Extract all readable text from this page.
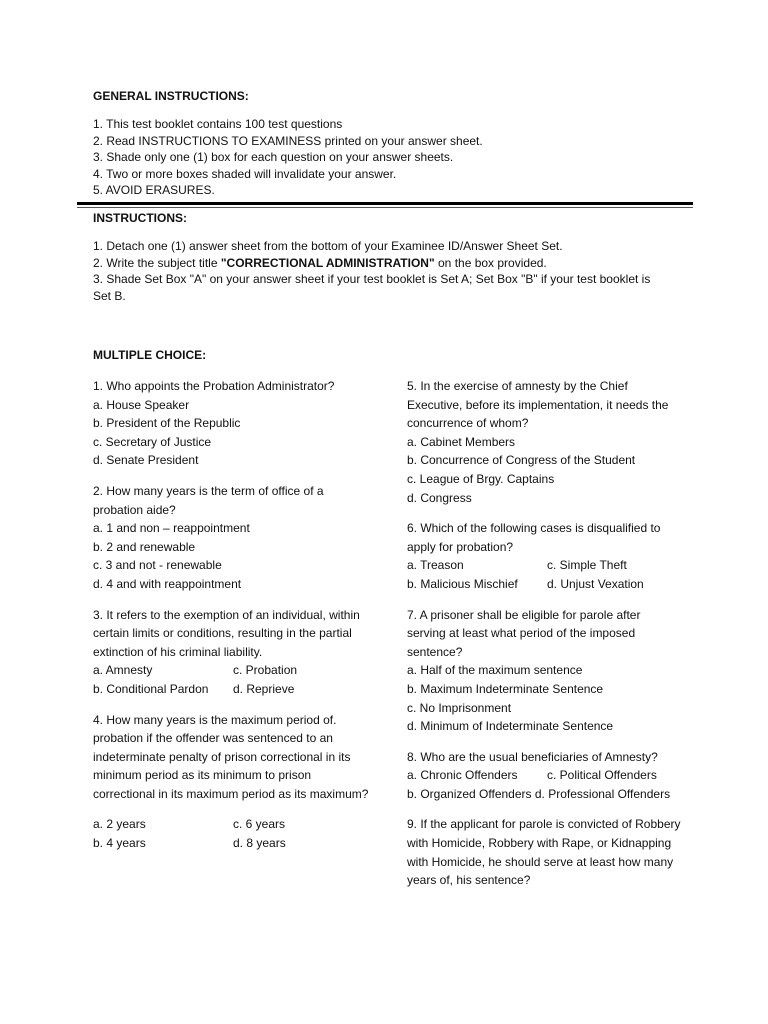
GENERAL INSTRUCTIONS:
1. This test booklet contains 100 test questions
2. Read INSTRUCTIONS TO EXAMINESS printed on your answer sheet.
3. Shade only one (1) box for each question on your answer sheets.
4. Two or more boxes shaded will invalidate your answer.
5. AVOID ERASURES.
INSTRUCTIONS:
1. Detach one (1) answer sheet from the bottom of your Examinee ID/Answer Sheet Set.
2. Write the subject title "CORRECTIONAL ADMINISTRATION" on the box provided.
3. Shade Set Box "A" on your answer sheet if your test booklet is Set A; Set Box "B" if your test booklet is Set B.
MULTIPLE CHOICE:
1. Who appoints the Probation Administrator?
a. House Speaker
b. President of the Republic
c. Secretary of Justice
d. Senate President
2. How many years is the term of office of a probation aide?
a. 1 and non – reappointment
b. 2 and renewable
c. 3 and not - renewable
d. 4 and with reappointment
3. It refers to the exemption of an individual, within certain limits or conditions, resulting in the partial extinction of his criminal liability.
a. Amnesty	c. Probation
b. Conditional Pardon	d. Reprieve
4. How many years is the maximum period of. probation if the offender was sentenced to an indeterminate penalty of prison correctional in its minimum period as its minimum to prison correctional in its maximum period as its maximum?
a. 2 years	c. 6 years
b. 4 years	d. 8 years
5. In the exercise of amnesty by the Chief Executive, before its implementation, it needs the concurrence of whom?
a. Cabinet Members
b. Concurrence of Congress of the Student
c. League of Brgy. Captains
d. Congress
6. Which of the following cases is disqualified to apply for probation?
a. Treason	c. Simple Theft
b. Malicious Mischief	d. Unjust Vexation
7. A prisoner shall be eligible for parole after serving at least what period of the imposed sentence?
a. Half of the maximum sentence
b. Maximum Indeterminate Sentence
c. No Imprisonment
d. Minimum of Indeterminate Sentence
8. Who are the usual beneficiaries of Amnesty?
a. Chronic Offenders	c. Political Offenders
b. Organized Offenders d. Professional Offenders
9. If the applicant for parole is convicted of Robbery with Homicide, Robbery with Rape, or Kidnapping with Homicide, he should serve at least how many years of, his sentence?
